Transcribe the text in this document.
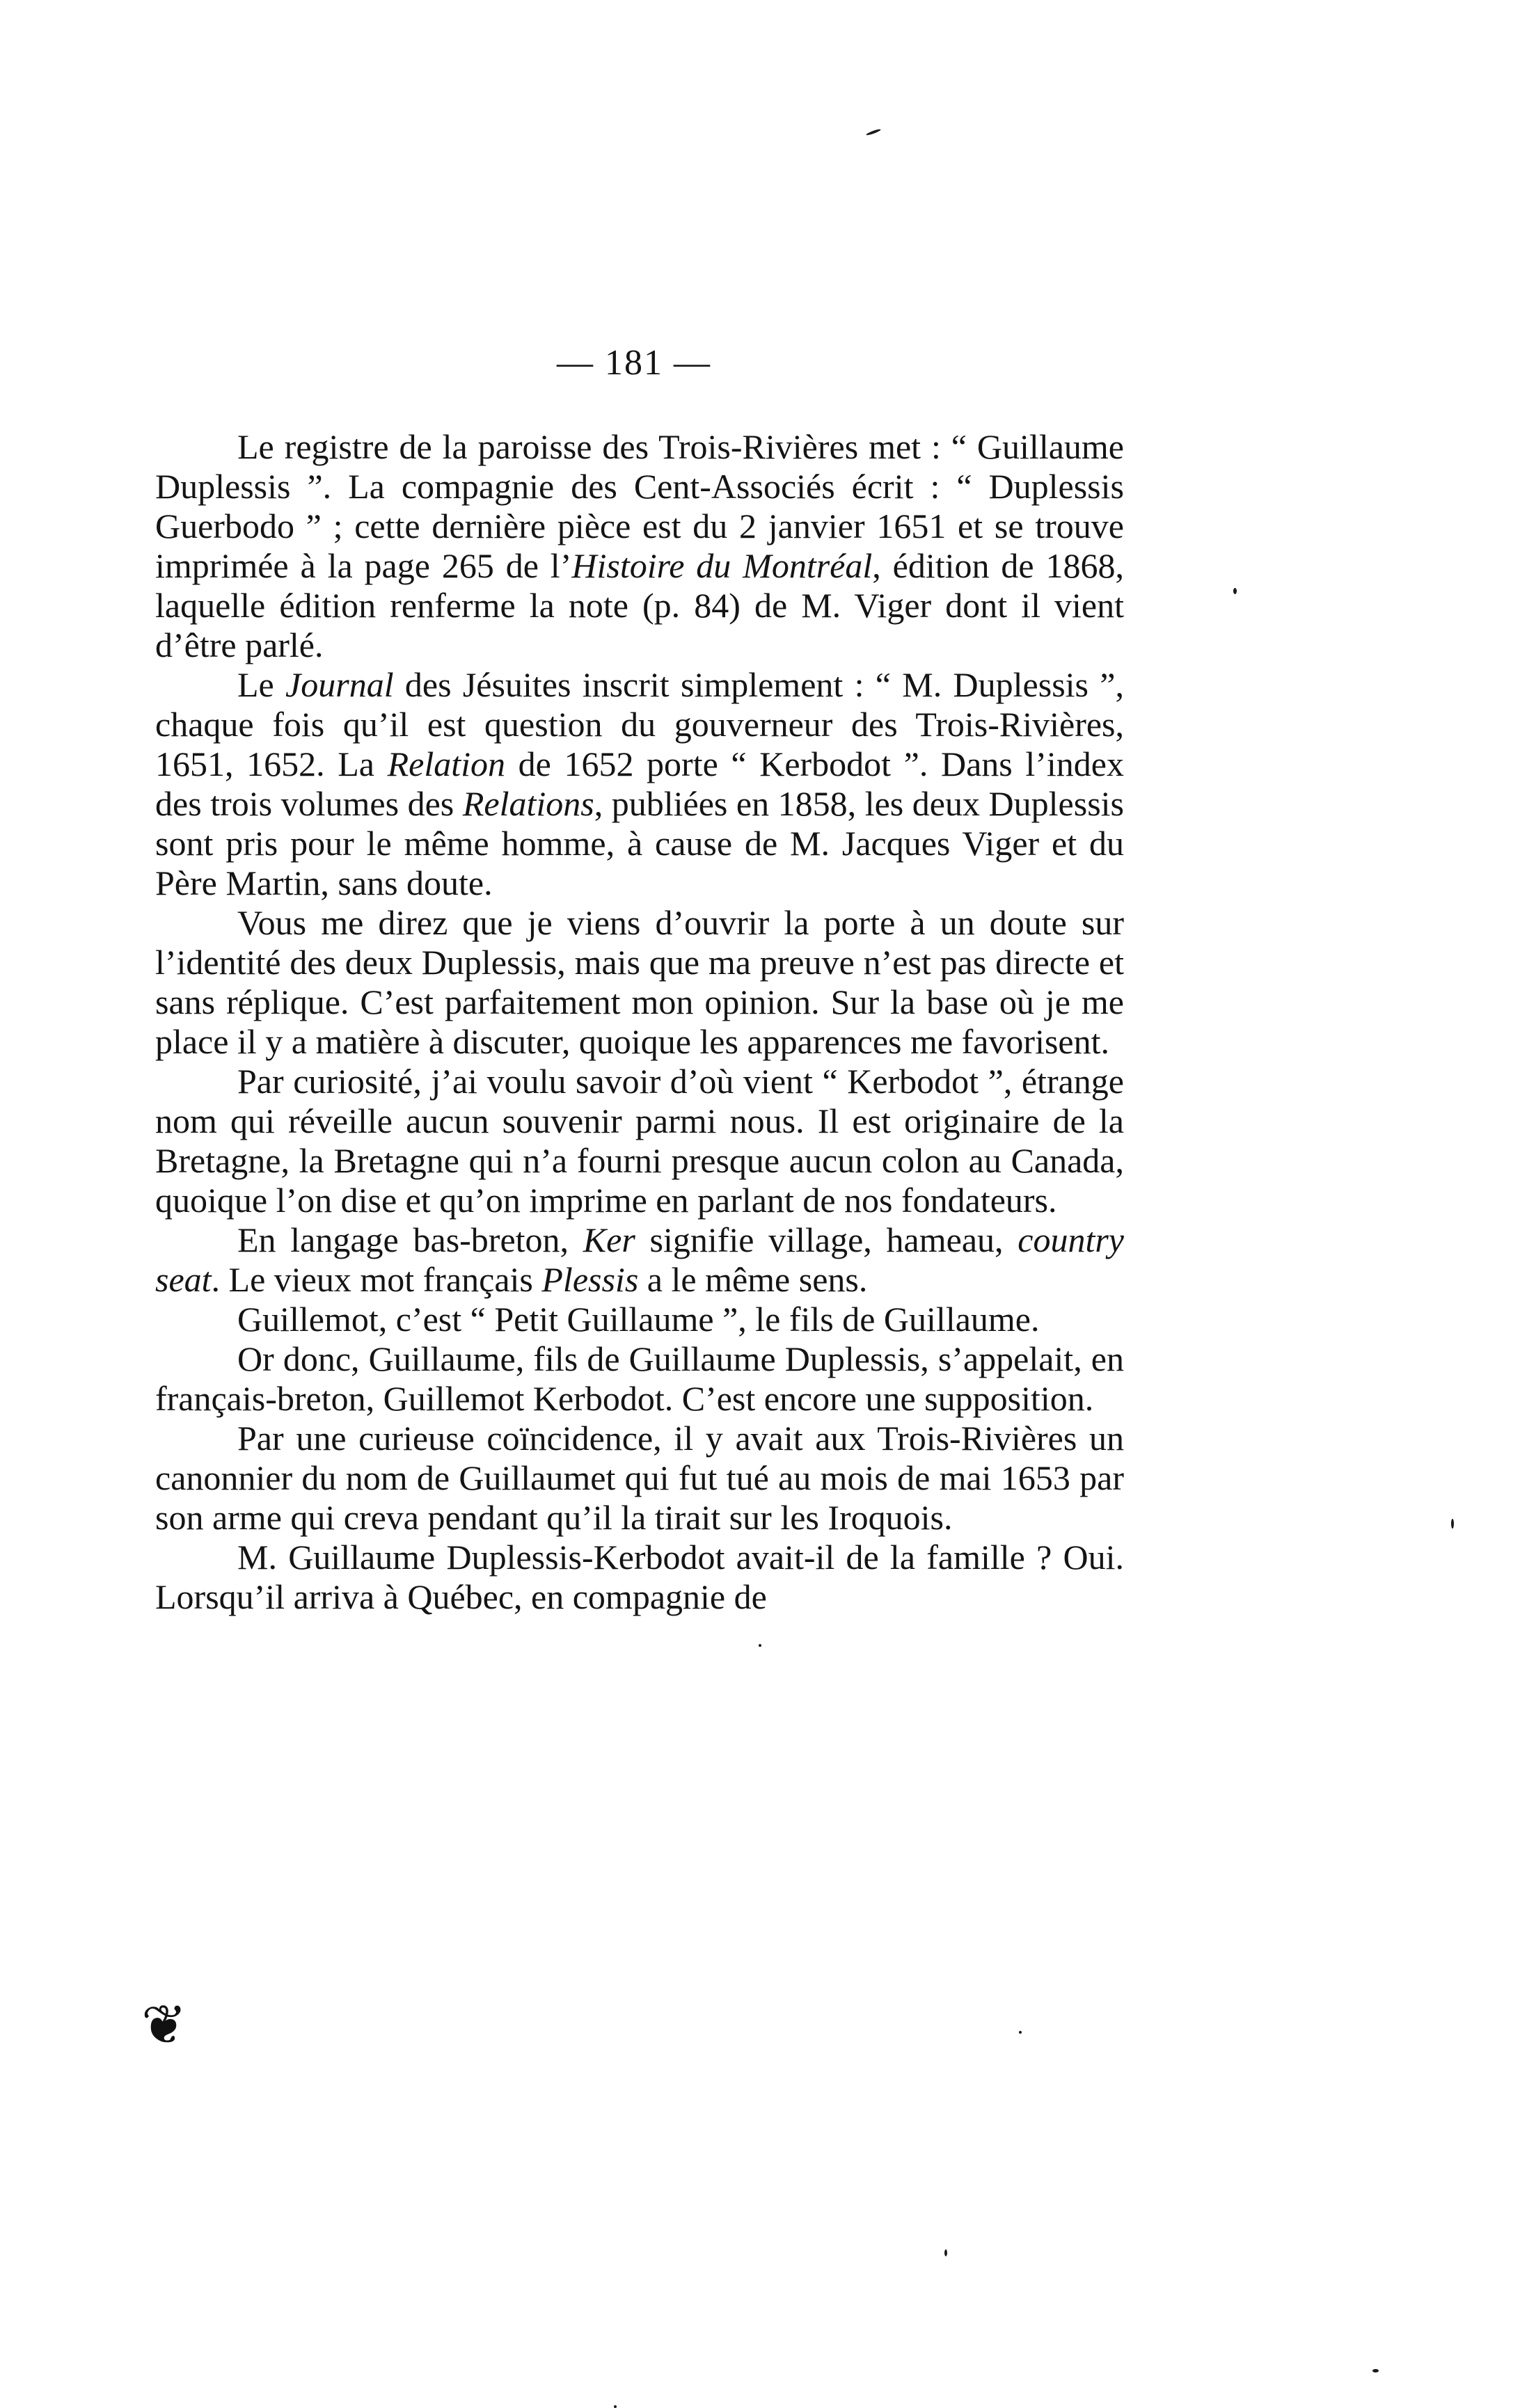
— 181 —

Le registre de la paroisse des Trois-Rivières met : “ Guillaume Duplessis ”. La compagnie des Cent-Associés écrit : “ Duplessis Guerbodo ” ; cette dernière pièce est du 2 janvier 1651 et se trouve imprimée à la page 265 de l’Histoire du Montréal, édition de 1868, laquelle édition renferme la note (p. 84) de M. Viger dont il vient d’être parlé.

Le Journal des Jésuites inscrit simplement : “ M. Duplessis ”, chaque fois qu’il est question du gouverneur des Trois-Rivières, 1651, 1652. La Relation de 1652 porte “ Kerbodot ”. Dans l’index des trois volumes des Relations, publiées en 1858, les deux Duplessis sont pris pour le même homme, à cause de M. Jacques Viger et du Père Martin, sans doute.

Vous me direz que je viens d’ouvrir la porte à un doute sur l’identité des deux Duplessis, mais que ma preuve n’est pas directe et sans réplique. C’est parfaitement mon opinion. Sur la base où je me place il y a matière à discuter, quoique les apparences me favorisent.

Par curiosité, j’ai voulu savoir d’où vient “ Kerbodot ”, étrange nom qui réveille aucun souvenir parmi nous. Il est originaire de la Bretagne, la Bretagne qui n’a fourni presque aucun colon au Canada, quoique l’on dise et qu’on imprime en parlant de nos fondateurs.

En langage bas-breton, Ker signifie village, hameau, country seat. Le vieux mot français Plessis a le même sens.

Guillemot, c’est “ Petit Guillaume ”, le fils de Guillaume.

Or donc, Guillaume, fils de Guillaume Duplessis, s’appelait, en français-breton, Guillemot Kerbodot. C’est encore une supposition.

Par une curieuse coïncidence, il y avait aux Trois-Rivières un canonnier du nom de Guillaumet qui fut tué au mois de mai 1653 par son arme qui creva pendant qu’il la tirait sur les Iroquois.

M. Guillaume Duplessis-Kerbodot avait-il de la famille ? Oui. Lorsqu’il arriva à Québec, en compagnie de

❦
